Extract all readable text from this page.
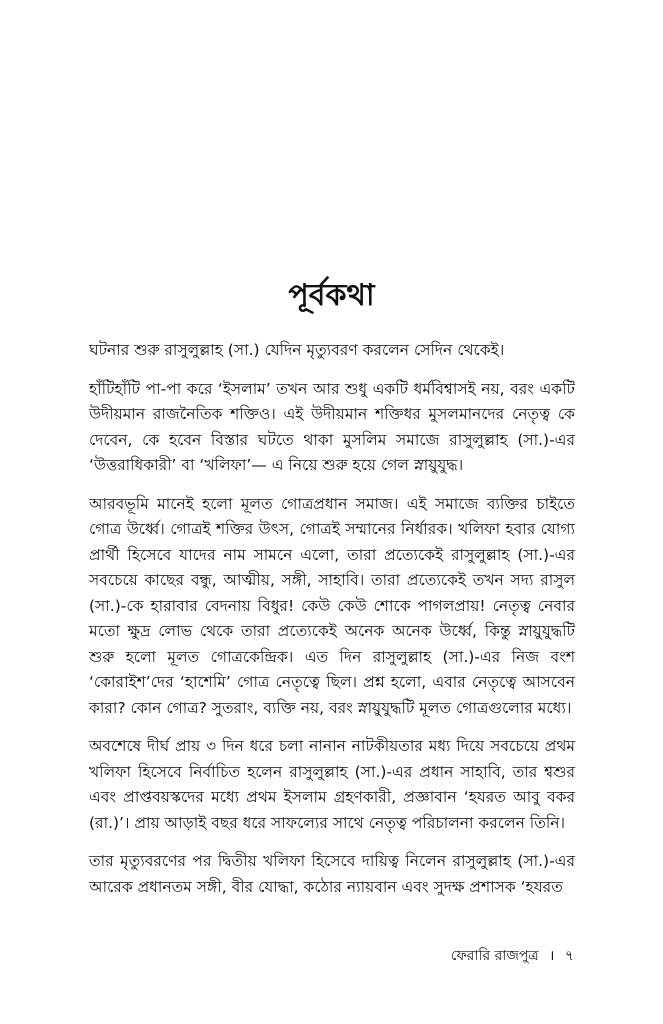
পূর্বকথা

ঘটনার শুরু রাসুলুল্লাহ (সা.) যেদিন মৃত্যুবরণ করলেন সেদিন থেকেই।

হাঁটিহাঁটি পা-পা করে ‘ইসলাম’ তখন আর শুধু একটি ধর্মবিশ্বাসই নয়, বরং একটি উদীয়মান রাজনৈতিক শক্তিও। এই উদীয়মান শক্তিধর মুসলমানদের নেতৃত্ব কে দেবেন, কে হবেন বিস্তার ঘটতে থাকা মুসলিম সমাজে রাসুলুল্লাহ (সা.)-এর ‘উত্তরাধিকারী’ বা ‘খলিফা’— এ নিয়ে শুরু হয়ে গেল স্নায়ুযুদ্ধ।

আরবভূমি মানেই হলো মূলত গোত্রপ্রধান সমাজ। এই সমাজে ব্যক্তির চাইতে গোত্র উর্ধ্বে। গোত্রই শক্তির উৎস, গোত্রই সম্মানের নির্ধারক। খলিফা হবার যোগ্য প্রার্থী হিসেবে যাদের নাম সামনে এলো, তারা প্রত্যেকেই রাসুলুল্লাহ (সা.)-এর সবচেয়ে কাছের বন্ধু, আত্মীয়, সঙ্গী, সাহাবি। তারা প্রত্যেকেই তখন সদ্য রাসুল (সা.)-কে হারাবার বেদনায় বিধুর! কেউ কেউ শোকে পাগলপ্রায়! নেতৃত্ব নেবার মতো ক্ষুদ্র লোভ থেকে তারা প্রত্যেকেই অনেক অনেক উর্ধ্বে, কিন্তু স্নায়ুযুদ্ধটি শুরু হলো মূলত গোত্রকেন্দ্রিক। এত দিন রাসুলুল্লাহ (সা.)-এর নিজ বংশ ‘কোরাইশ’দের ‘হাশেমি’ গোত্র নেতৃত্বে ছিল। প্রশ্ন হলো, এবার নেতৃত্বে আসবেন কারা? কোন গোত্র? সুতরাং, ব্যক্তি নয়, বরং স্নায়ুযুদ্ধটি মূলত গোত্রগুলোর মধ্যে।

অবশেষে দীর্ঘ প্রায় ৩ দিন ধরে চলা নানান নাটকীয়তার মধ্য দিয়ে সবচেয়ে প্রথম খলিফা হিসেবে নির্বাচিত হলেন রাসুলুল্লাহ (সা.)-এর প্রধান সাহাবি, তার শ্বশুর এবং প্রাপ্তবয়স্কদের মধ্যে প্রথম ইসলাম গ্রহণকারী, প্রজ্ঞাবান ‘হযরত আবু বকর (রা.)’। প্রায় আড়াই বছর ধরে সাফল্যের সাথে নেতৃত্ব পরিচালনা করলেন তিনি।

তার মৃত্যুবরণের পর দ্বিতীয় খলিফা হিসেবে দায়িত্ব নিলেন রাসুলুল্লাহ (সা.)-এর আরেক প্রধানতম সঙ্গী, বীর যোদ্ধা, কঠোর ন্যায়বান এবং সুদক্ষ প্রশাসক ‘হযরত

ফেরারি রাজপুত্র । ৭
